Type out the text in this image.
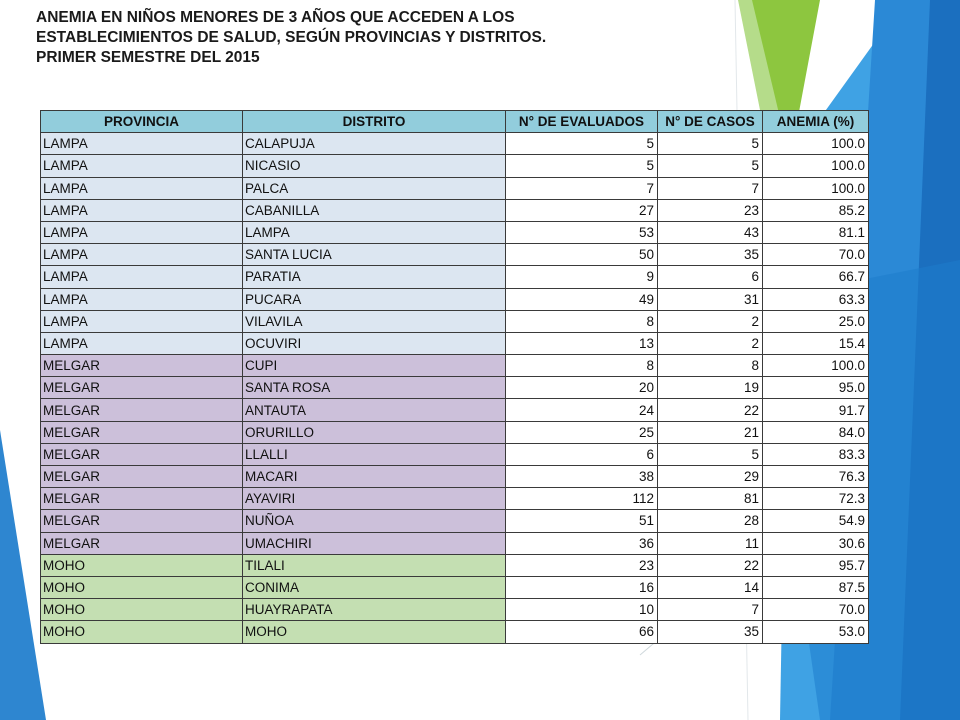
ANEMIA EN NIÑOS MENORES DE 3 AÑOS QUE ACCEDEN A LOS
ESTABLECIMIENTOS DE SALUD, SEGÚN PROVINCIAS Y DISTRITOS.
PRIMER SEMESTRE DEL 2015
PROVINCIA	DISTRITO	N° DE EVALUADOS	N° DE CASOS	ANEMIA (%)
LAMPA	CALAPUJA	5	5	100.0
LAMPA	NICASIO	5	5	100.0
LAMPA	PALCA	7	7	100.0
LAMPA	CABANILLA	27	23	85.2
LAMPA	LAMPA	53	43	81.1
LAMPA	SANTA LUCIA	50	35	70.0
LAMPA	PARATIA	9	6	66.7
LAMPA	PUCARA	49	31	63.3
LAMPA	VILAVILA	8	2	25.0
LAMPA	OCUVIRI	13	2	15.4
MELGAR	CUPI	8	8	100.0
MELGAR	SANTA ROSA	20	19	95.0
MELGAR	ANTAUTA	24	22	91.7
MELGAR	ORURILLO	25	21	84.0
MELGAR	LLALLI	6	5	83.3
MELGAR	MACARI	38	29	76.3
MELGAR	AYAVIRI	112	81	72.3
MELGAR	NUÑOA	51	28	54.9
MELGAR	UMACHIRI	36	11	30.6
MOHO	TILALI	23	22	95.7
MOHO	CONIMA	16	14	87.5
MOHO	HUAYRAPATA	10	7	70.0
MOHO	MOHO	66	35	53.0
